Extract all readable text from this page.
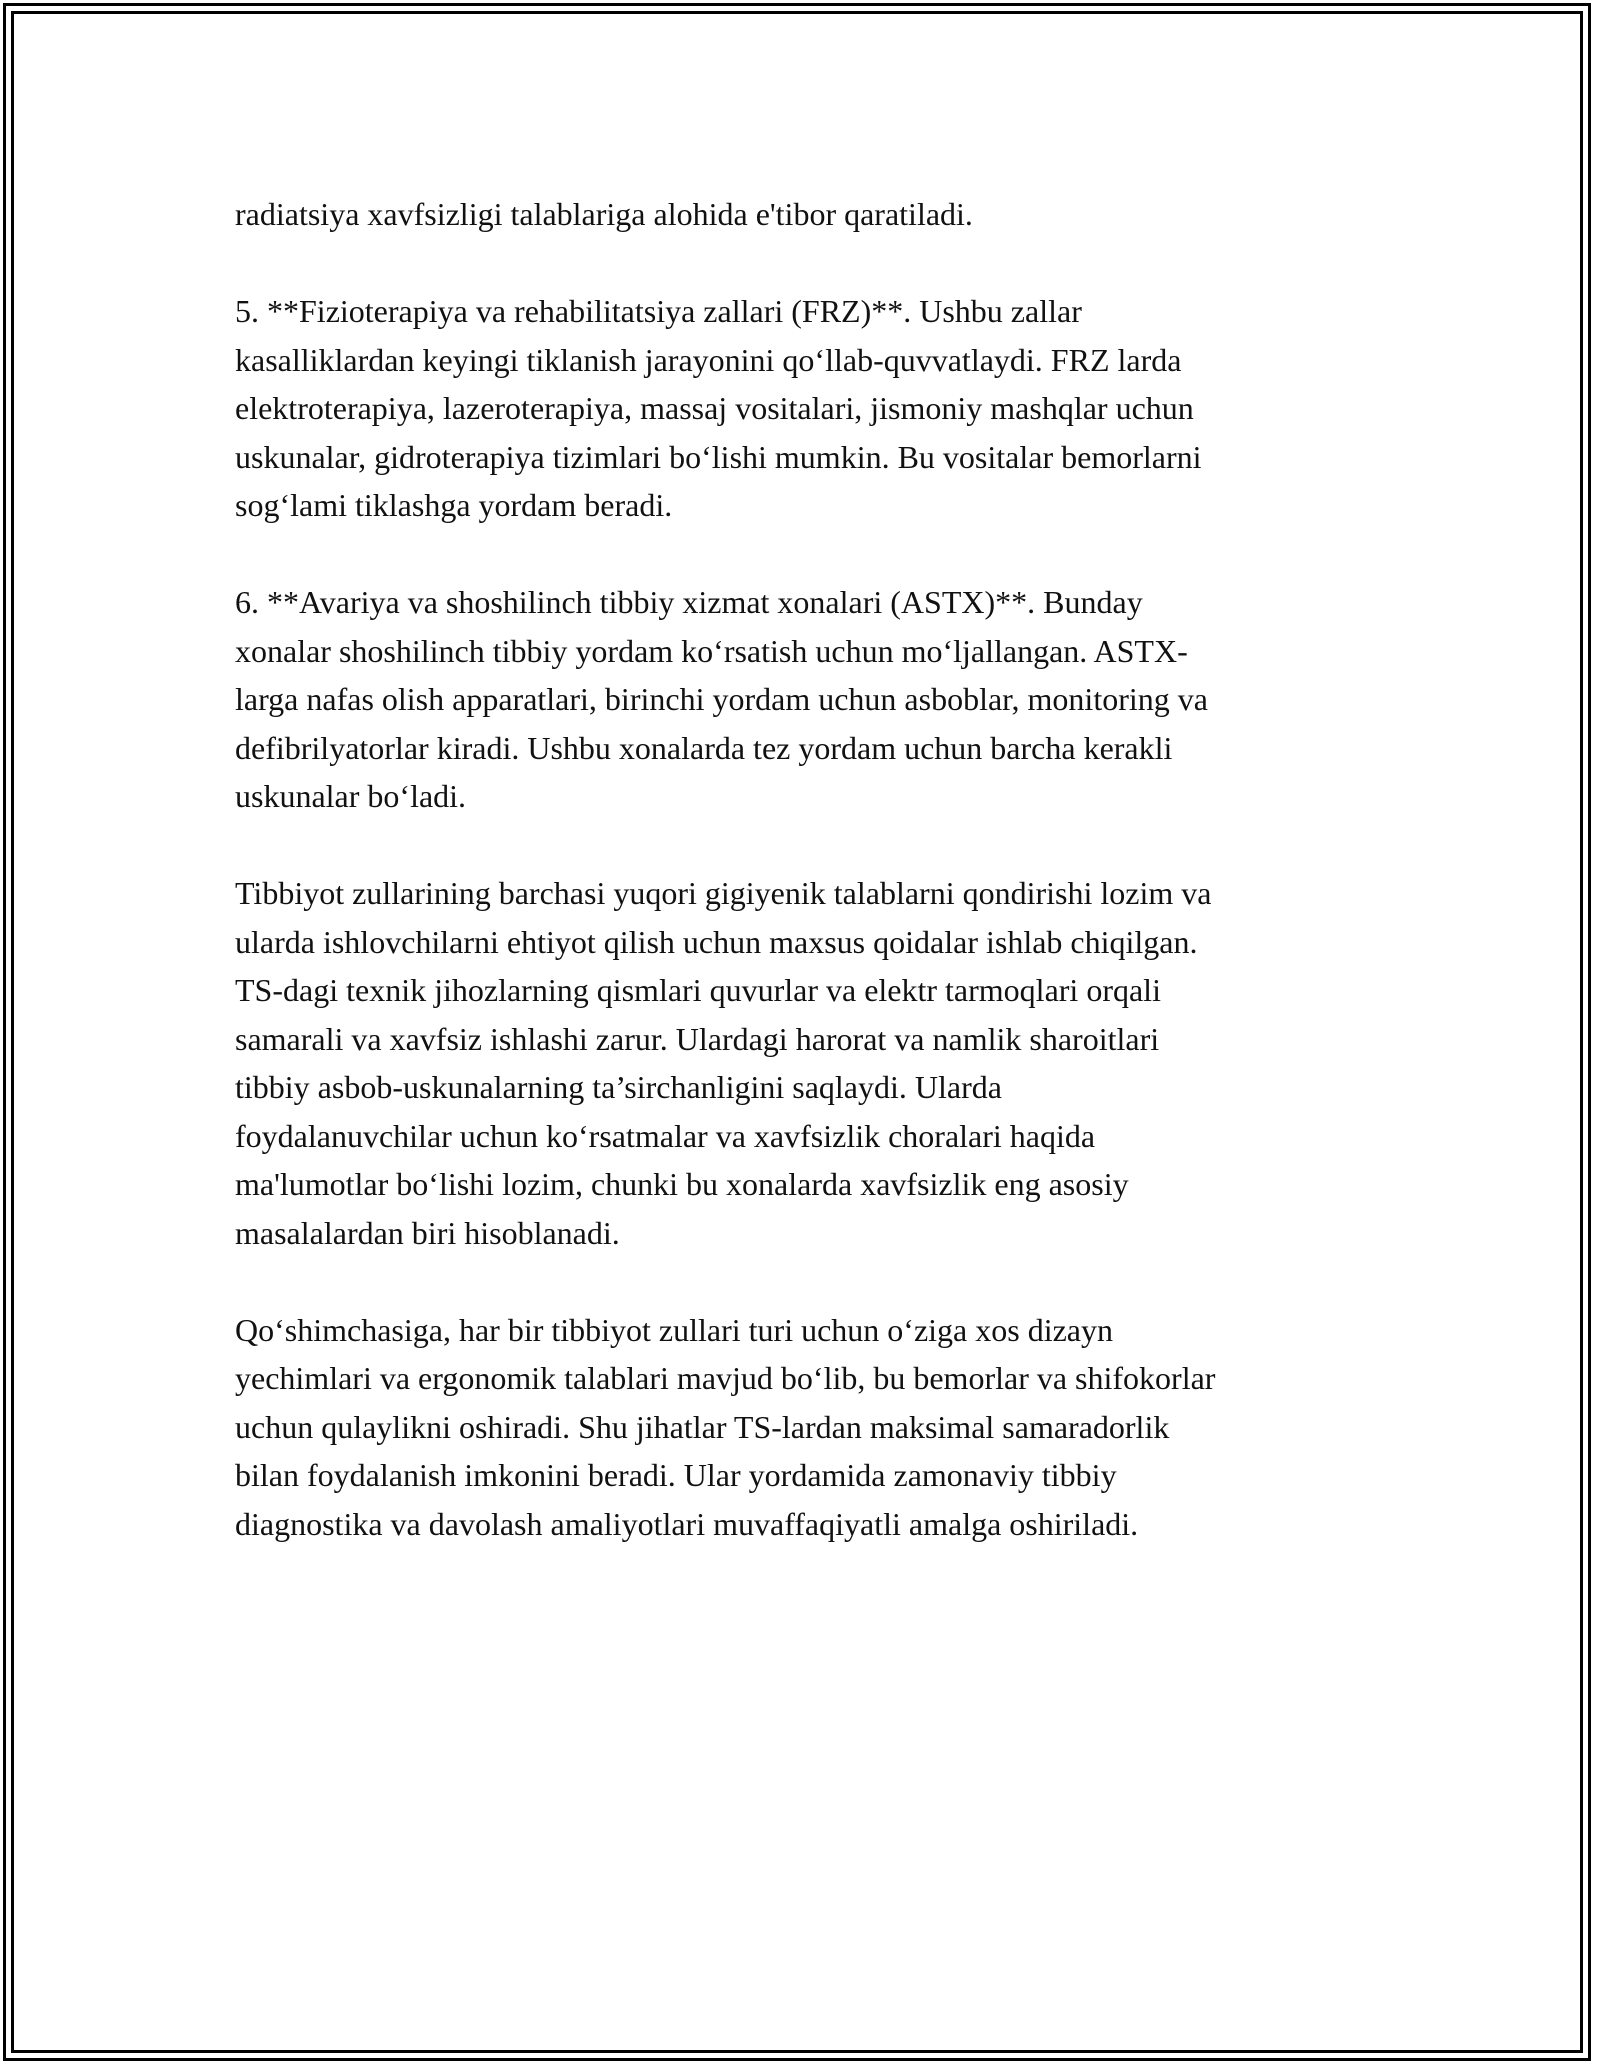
radiatsiya xavfsizligi talablariga alohida e'tibor qaratiladi.
5. **Fizioterapiya va rehabilitatsiya zallari (FRZ)**. Ushbu zallar
kasalliklardan keyingi tiklanish jarayonini qo‘llab-quvvatlaydi. FRZ larda
elektroterapiya, lazeroterapiya, massaj vositalari, jismoniy mashqlar uchun
uskunalar, gidroterapiya tizimlari bo‘lishi mumkin. Bu vositalar bemorlarni
sog‘lami tiklashga yordam beradi.
6. **Avariya va shoshilinch tibbiy xizmat xonalari (ASTX)**. Bunday
xonalar shoshilinch tibbiy yordam ko‘rsatish uchun mo‘ljallangan. ASTX-
larga nafas olish apparatlari, birinchi yordam uchun asboblar, monitoring va
defibrilyatorlar kiradi. Ushbu xonalarda tez yordam uchun barcha kerakli
uskunalar bo‘ladi.
Tibbiyot zullarining barchasi yuqori gigiyenik talablarni qondirishi lozim va
ularda ishlovchilarni ehtiyot qilish uchun maxsus qoidalar ishlab chiqilgan.
TS-dagi texnik jihozlarning qismlari quvurlar va elektr tarmoqlari orqali
samarali va xavfsiz ishlashi zarur. Ulardagi harorat va namlik sharoitlari
tibbiy asbob-uskunalarning ta’sirchanligini saqlaydi. Ularda
foydalanuvchilar uchun ko‘rsatmalar va xavfsizlik choralari haqida
ma'lumotlar bo‘lishi lozim, chunki bu xonalarda xavfsizlik eng asosiy
masalalardan biri hisoblanadi.
Qo‘shimchasiga, har bir tibbiyot zullari turi uchun o‘ziga xos dizayn
yechimlari va ergonomik talablari mavjud bo‘lib, bu bemorlar va shifokorlar
uchun qulaylikni oshiradi. Shu jihatlar TS-lardan maksimal samaradorlik
bilan foydalanish imkonini beradi. Ular yordamida zamonaviy tibbiy
diagnostika va davolash amaliyotlari muvaffaqiyatli amalga oshiriladi.
